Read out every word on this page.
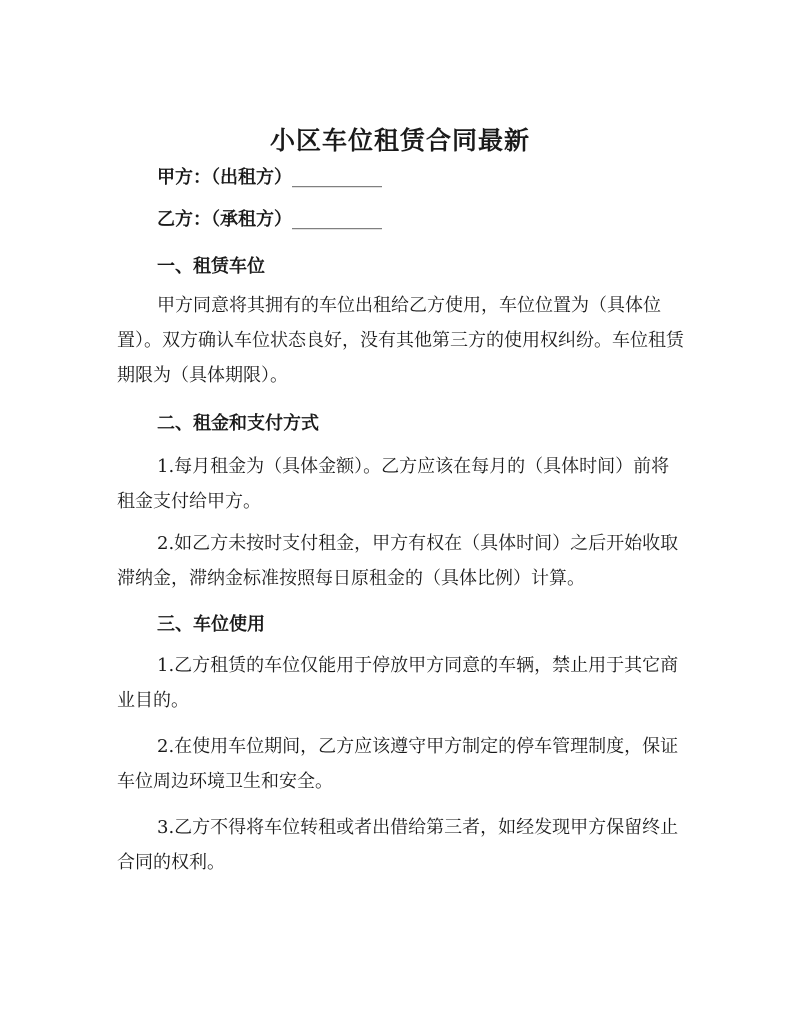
小区车位租赁合同最新
甲方：（出租方）__________
乙方：（承租方）__________
一、租赁车位

甲方同意将其拥有的车位出租给乙方使用，车位位置为（具体位置）。双方确认车位状态良好，没有其他第三方的使用权纠纷。车位租赁期限为（具体期限）。

二、租金和支付方式

1.每月租金为（具体金额）。乙方应该在每月的（具体时间）前将租金支付给甲方。

2.如乙方未按时支付租金，甲方有权在（具体时间）之后开始收取滞纳金，滞纳金标准按照每日原租金的（具体比例）计算。

三、车位使用

1.乙方租赁的车位仅能用于停放甲方同意的车辆，禁止用于其它商业目的。

2.在使用车位期间，乙方应该遵守甲方制定的停车管理制度，保证车位周边环境卫生和安全。

3.乙方不得将车位转租或者出借给第三者，如经发现甲方保留终止合同的权利。
